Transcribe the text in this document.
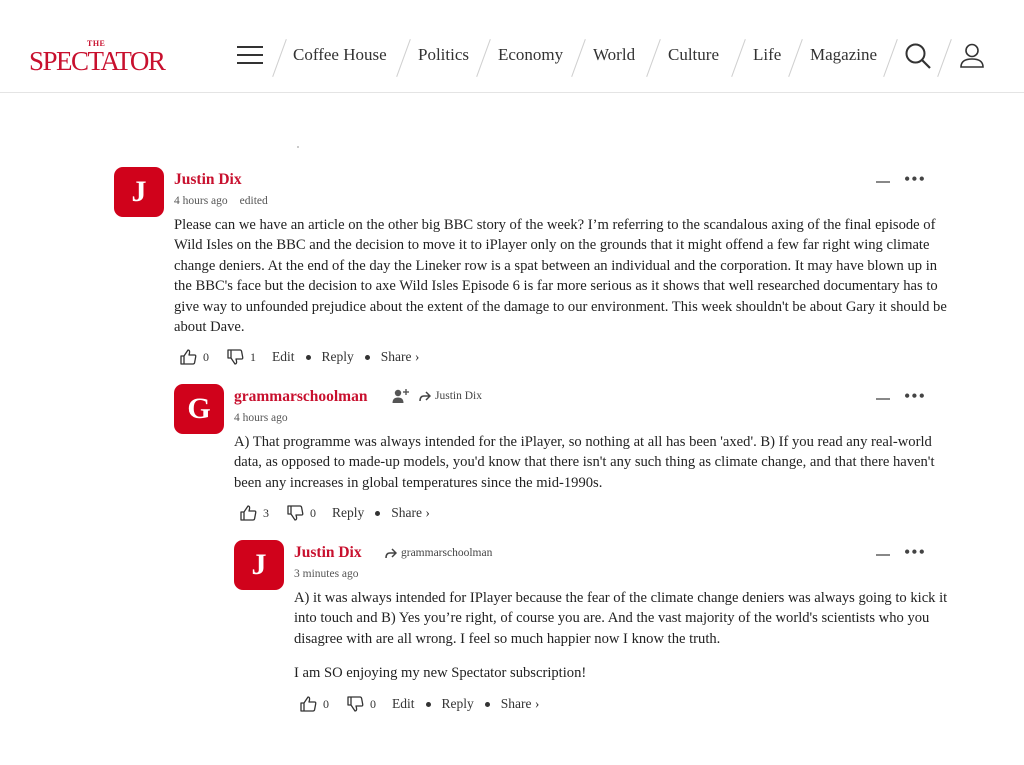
THE
SPECTATOR	Coffee House Politics Economy World Culture Life Magazine
J	Justin Dix
4 hours ago edited
•••

Please can we have an article on the other big BBC story of the week? I’m referring to the scandalous axing of the final episode of Wild Isles on the BBC and the decision to move it to iPlayer only on the grounds that it might offend a few far right wing climate change deniers. At the end of the day the Lineker row is a spat between an individual and the corporation. It may have blown up in the BBC's face but the decision to axe Wild Isles Episode 6 is far more serious as it shows that well researched documentary has to give way to unfounded prejudice about the extent of the damage to our environment. This week shouldn't be about Gary it should be about Dave.

0	1 Edit Reply Share ›
G	grammarschoolman	Justin Dix
4 hours ago
•••

A) That programme was always intended for the iPlayer, so nothing at all has been 'axed'. B) If you read any real-world data, as opposed to made-up models, you'd know that there isn't any such thing as climate change, and that there haven't been any increases in global temperatures since the mid-1990s.

3	0 Reply Share ›
J	Justin Dix	grammarschoolman
3 minutes ago
•••

A) it was always intended for IPlayer because the fear of the climate change deniers was always going to kick it into touch and B) Yes you’re right, of course you are. And the vast majority of the world's scientists who you disagree with are all wrong. I feel so much happier now I know the truth.

I am SO enjoying my new Spectator subscription!

0	0 Edit Reply Share ›
